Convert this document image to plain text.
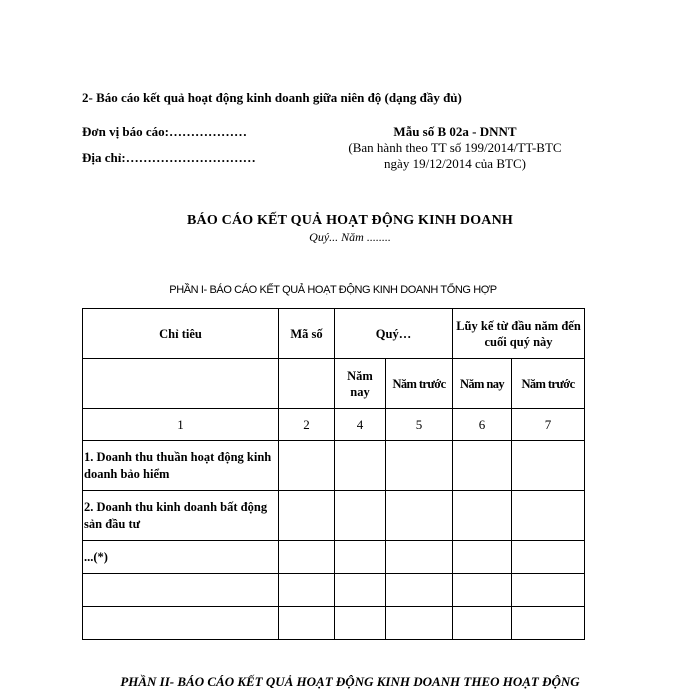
2- Báo cáo kết quả hoạt động kinh doanh giữa niên độ (dạng đầy đủ)
Đơn vị báo cáo:………………
Địa chỉ:…………………………
Mẫu số B 02a - DNNT
(Ban hành theo TT số 199/2014/TT-BTC
ngày 19/12/2014 của BTC)
BÁO CÁO KẾT QUẢ HOẠT ĐỘNG KINH DOANH
Quý... Năm ........
PHẦN I- BÁO CÁO KẾT QUẢ HOẠT ĐỘNG KINH DOANH TỔNG HỢP
Chỉ tiêu	Mã số	Quý…		Lũy kế từ đầu năm đến cuối quý này	
		Năm nay	Năm trước	Năm nay	Năm trước
1	2	4	5	6	7
1. Doanh thu thuần hoạt động kinh doanh bảo hiểm					
2. Doanh thu kinh doanh bất động sản đầu tư					
...(*)					

PHẦN II- BÁO CÁO KẾT QUẢ HOẠT ĐỘNG KINH DOANH THEO HOẠT ĐỘNG
